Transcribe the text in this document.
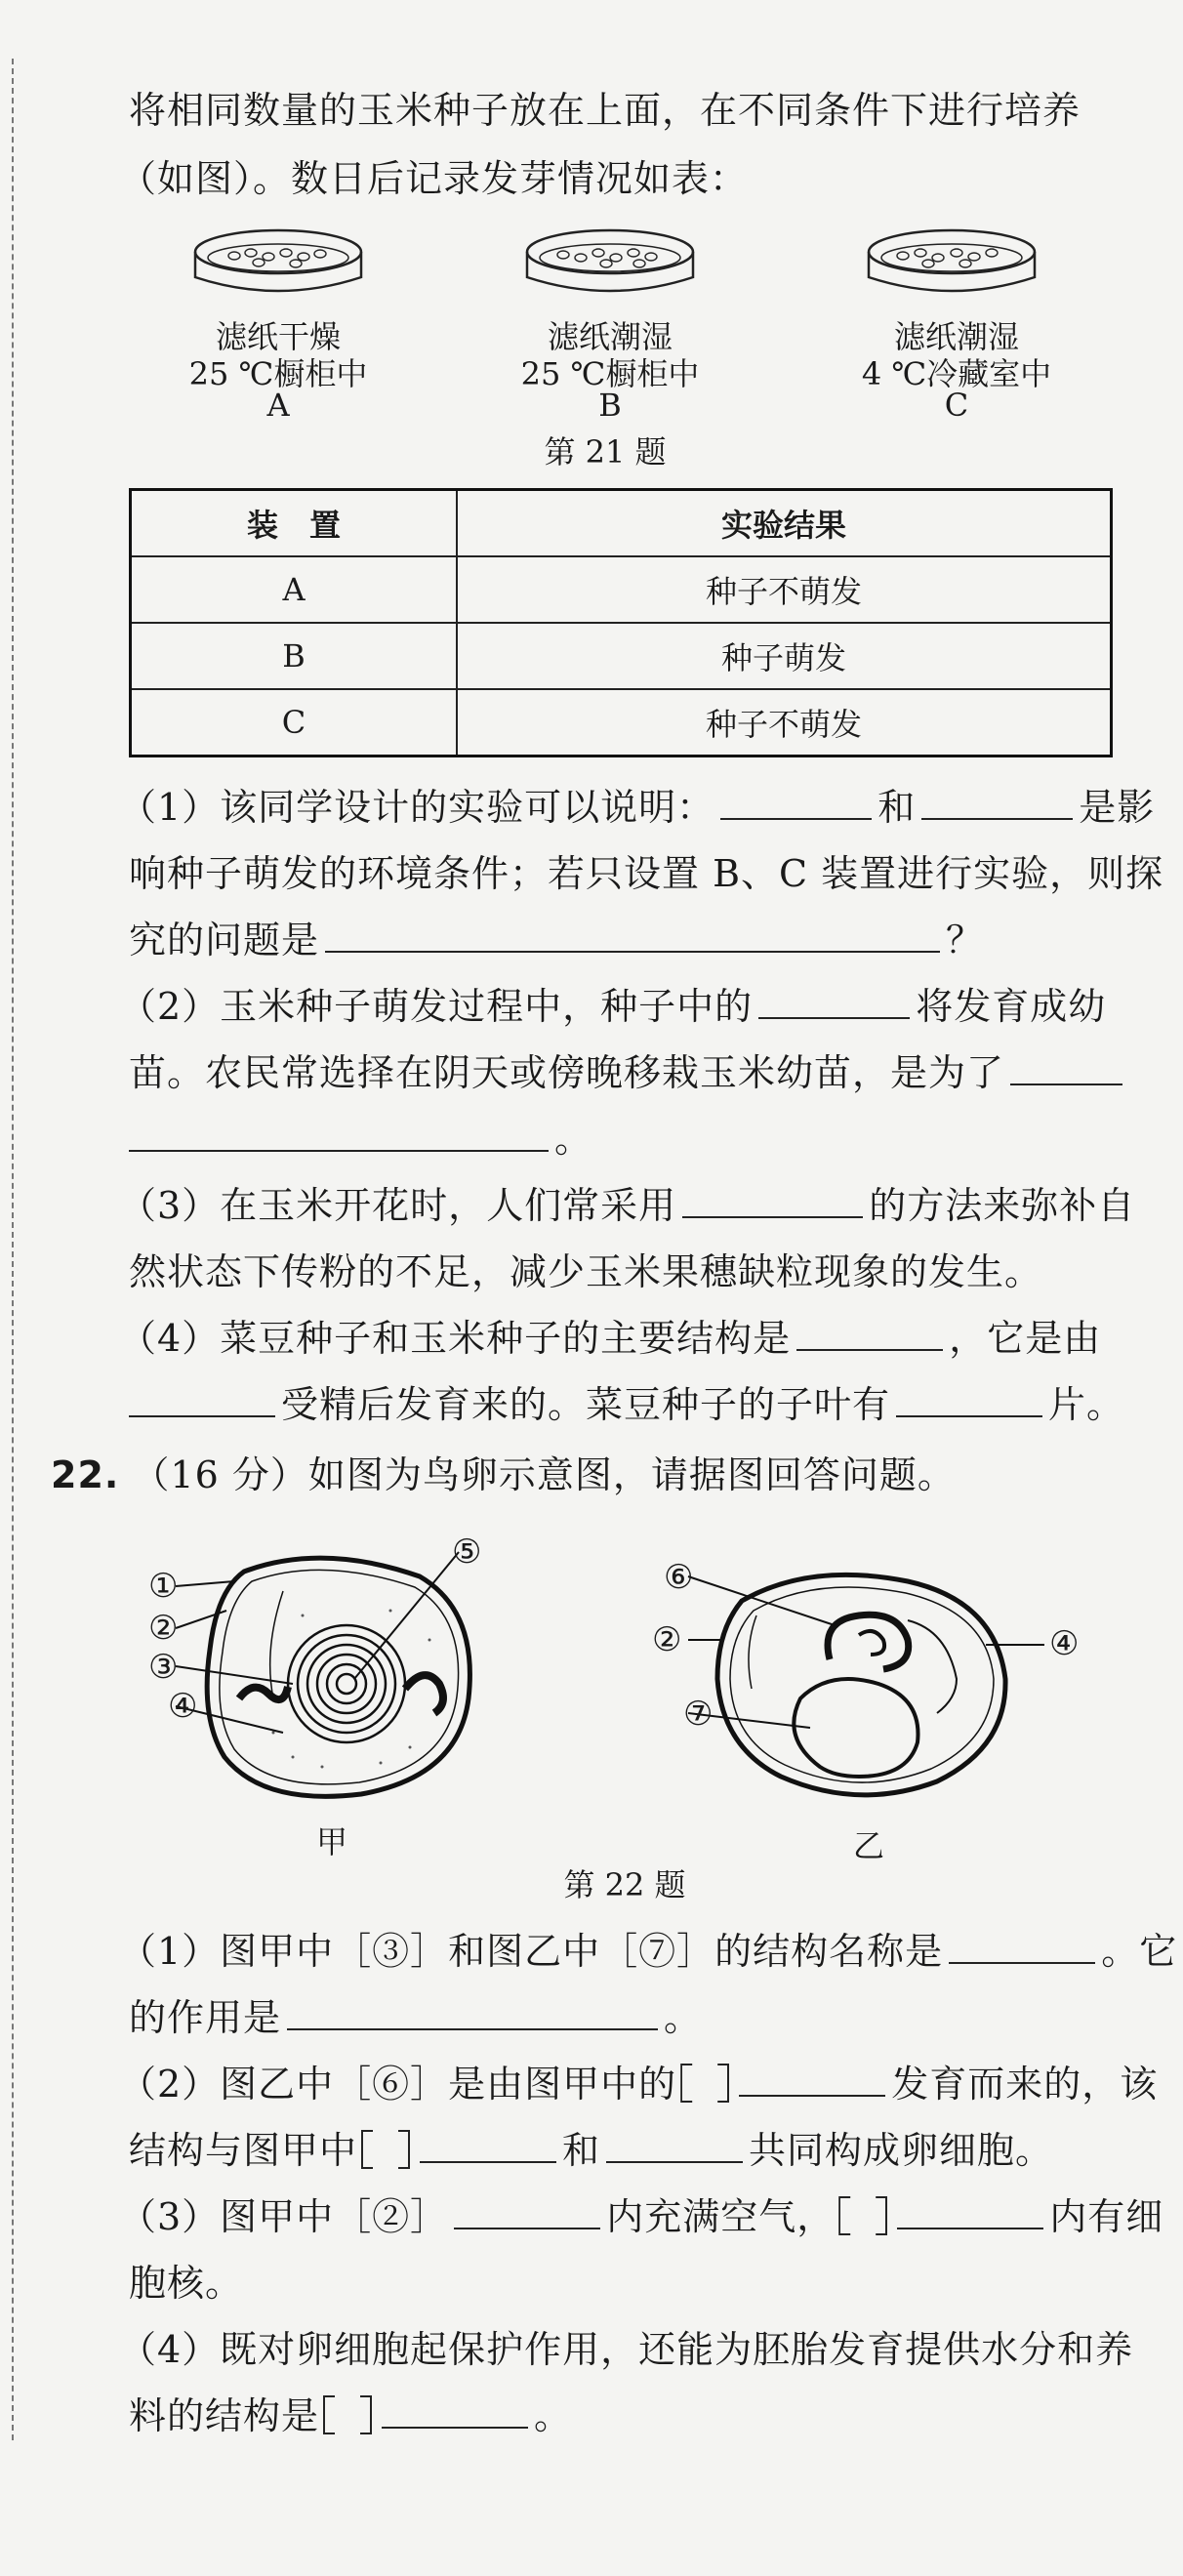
将相同数量的玉米种子放在上面，在不同条件下进行培养
（如图）。数日后记录发芽情况如表：
滤纸干燥
25 ℃橱柜中
A
滤纸潮湿
25 ℃橱柜中
B
滤纸潮湿
4 ℃冷藏室中
C
第 21 题
装　置	实验结果
A	种子不萌发
B	种子萌发
C	种子不萌发
（1）该同学设计的实验可以说明：	和	是影
响种子萌发的环境条件；若只设置 B、C 装置进行实验，则探
究的问题是	？
（2）玉米种子萌发过程中，种子中的	将发育成幼
苗。农民常选择在阴天或傍晚移栽玉米幼苗，是为了
。
（3）在玉米开花时，人们常采用	的方法来弥补自
然状态下传粉的不足，减少玉米果穗缺粒现象的发生。
（4）菜豆种子和玉米种子的主要结构是	，它是由
受精后发育来的。菜豆种子的子叶有	片。
22. （16 分）如图为鸟卵示意图，请据图回答问题。
⑤
①
②
③
④
甲
⑥
②
⑦
④
乙
第 22 题
（1）图甲中［③］和图乙中［⑦］的结构名称是	。它
的作用是	。
（2）图乙中［⑥］是由图甲中的	发育而来的，该
结构与图甲中	和	共同构成卵细胞。
（3）图甲中［②］	内充满空气，	内有细
胞核。
（4）既对卵细胞起保护作用，还能为胚胎发育提供水分和养
料的结构是	。
